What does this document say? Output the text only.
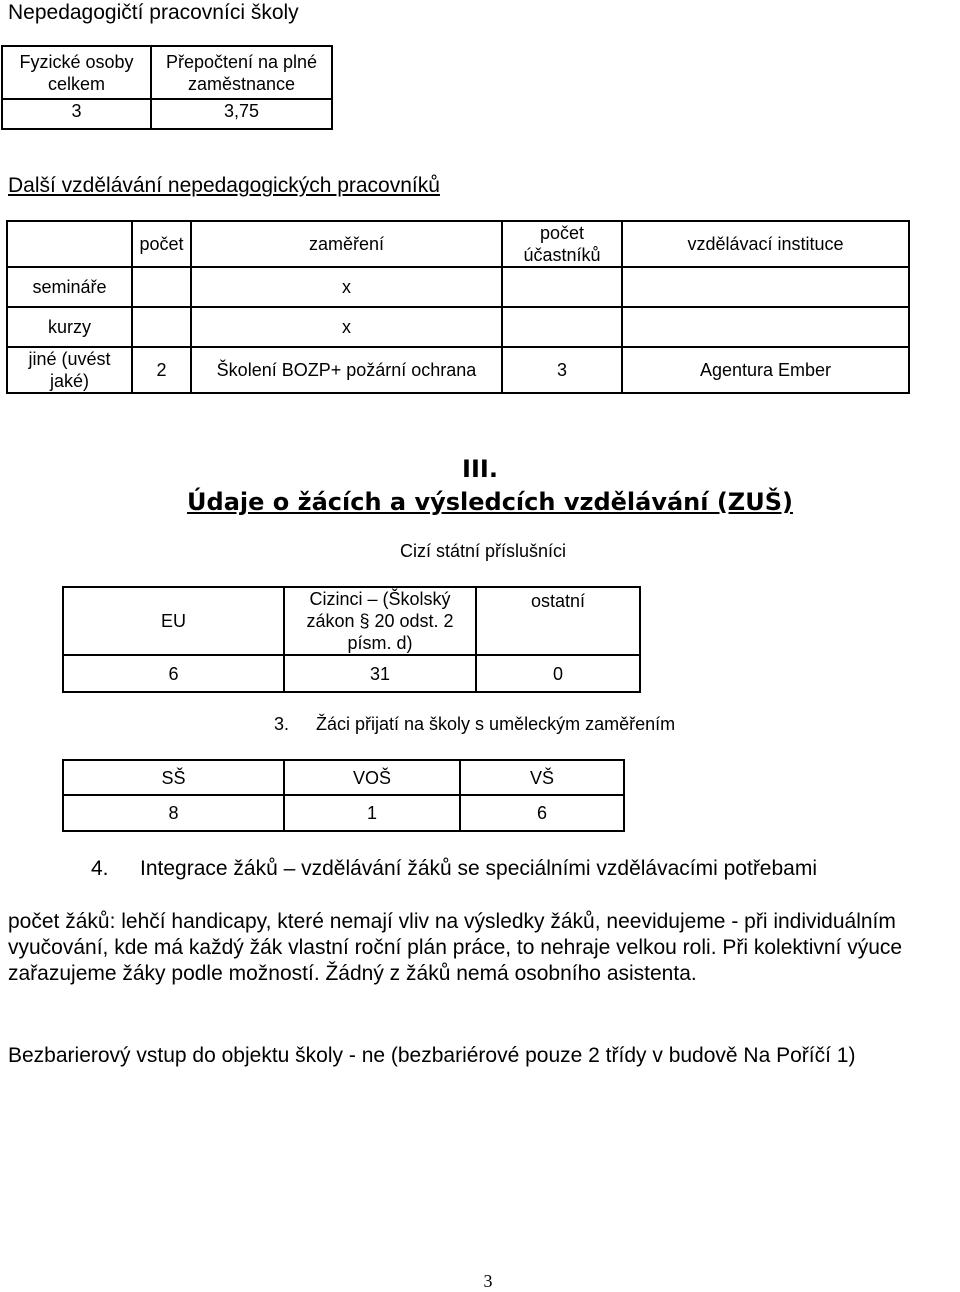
Nepedagogičtí pracovníci školy
Fyzické osoby celkem	Přepočtení na plné zaměstnance
3	3,75
Další vzdělávání nepedagogických pracovníků
	počet	zaměření	počet účastníků	vzdělávací instituce
semináře		x		
kurzy		x		
jiné (uvést jaké)	2	Školení BOZP+ požární ochrana	3	Agentura Ember
III.
Údaje o žácích a výsledcích vzdělávání (ZUŠ)
Cizí státní příslušníci
EU	Cizinci – (Školský zákon § 20 odst. 2 písm. d)	ostatní
6	31	0
3. Žáci přijatí na školy s uměleckým zaměřením
SŠ	VOŠ	VŠ
8	1	6
4. Integrace žáků – vzdělávání žáků se speciálními vzdělávacími potřebami
počet žáků: lehčí handicapy, které nemají vliv na výsledky žáků, neevidujeme - při individuálním vyučování, kde má každý žák vlastní roční plán práce, to nehraje velkou roli. Při kolektivní výuce zařazujeme žáky podle možností. Žádný z žáků nemá osobního asistenta.
Bezbarierový vstup do objektu školy - ne (bezbariérové pouze 2 třídy v budově Na Poříčí 1)
3
